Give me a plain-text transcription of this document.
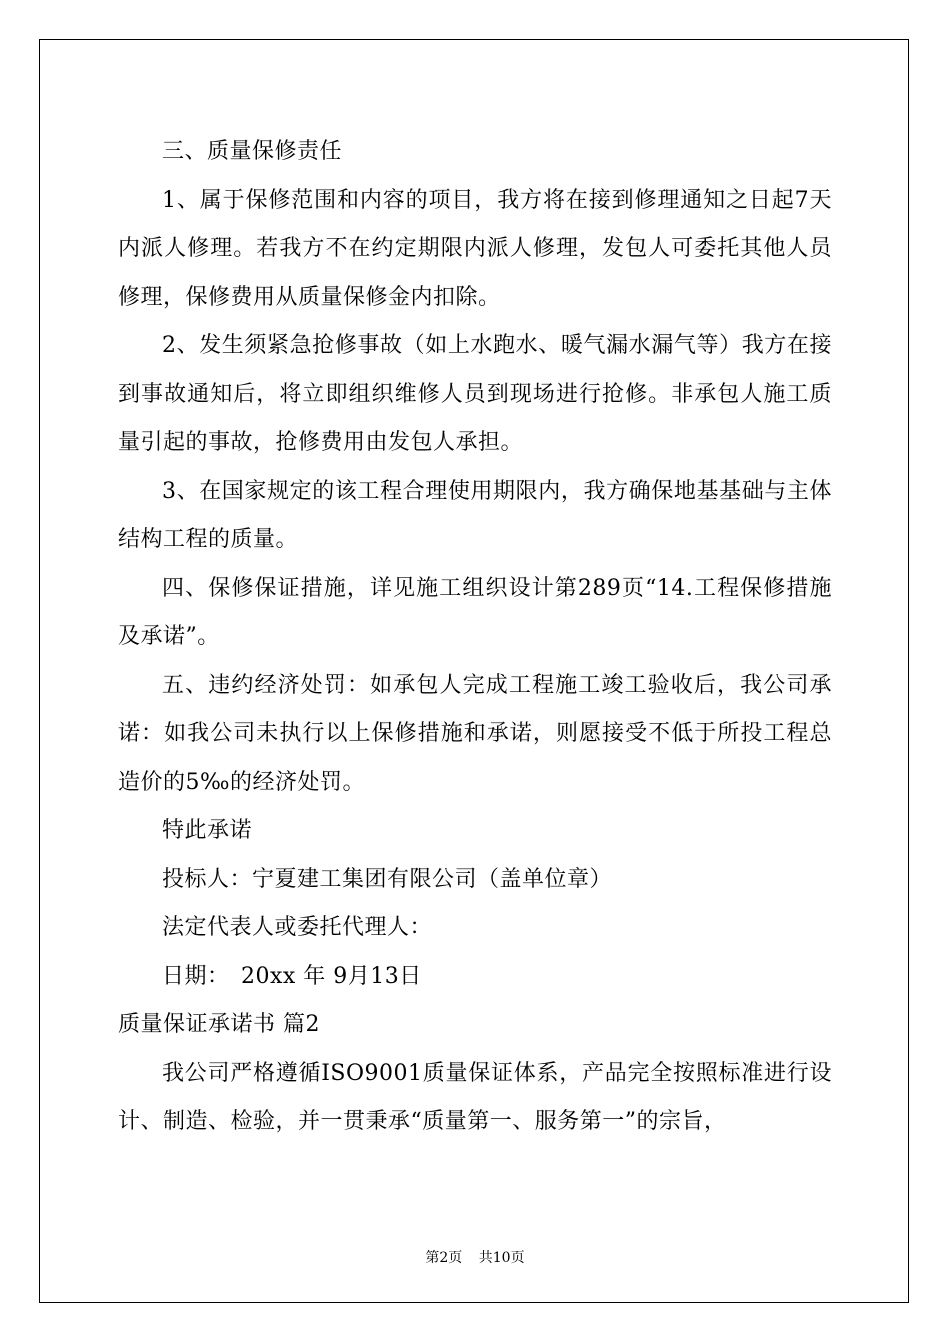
三、质量保修责任

1、属于保修范围和内容的项目，我方将在接到修理通知之日起7天内派人修理。若我方不在约定期限内派人修理，发包人可委托其他人员修理，保修费用从质量保修金内扣除。

2、发生须紧急抢修事故（如上水跑水、暖气漏水漏气等）我方在接到事故通知后，将立即组织维修人员到现场进行抢修。非承包人施工质量引起的事故，抢修费用由发包人承担。

3、在国家规定的该工程合理使用期限内，我方确保地基基础与主体结构工程的质量。

四、保修保证措施，详见施工组织设计第289页“14.工程保修措施及承诺”。

五、违约经济处罚：如承包人完成工程施工竣工验收后，我公司承诺：如我公司未执行以上保修措施和承诺，则愿接受不低于所投工程总造价的5‰的经济处罚。

特此承诺

投标人：宁夏建工集团有限公司（盖单位章）

法定代表人或委托代理人：

日期：　20xx 年 9月13日

质量保证承诺书 篇2

我公司严格遵循ISO9001质量保证体系，产品完全按照标准进行设计、制造、检验，并一贯秉承“质量第一、服务第一”的宗旨，

第2页 共10页
